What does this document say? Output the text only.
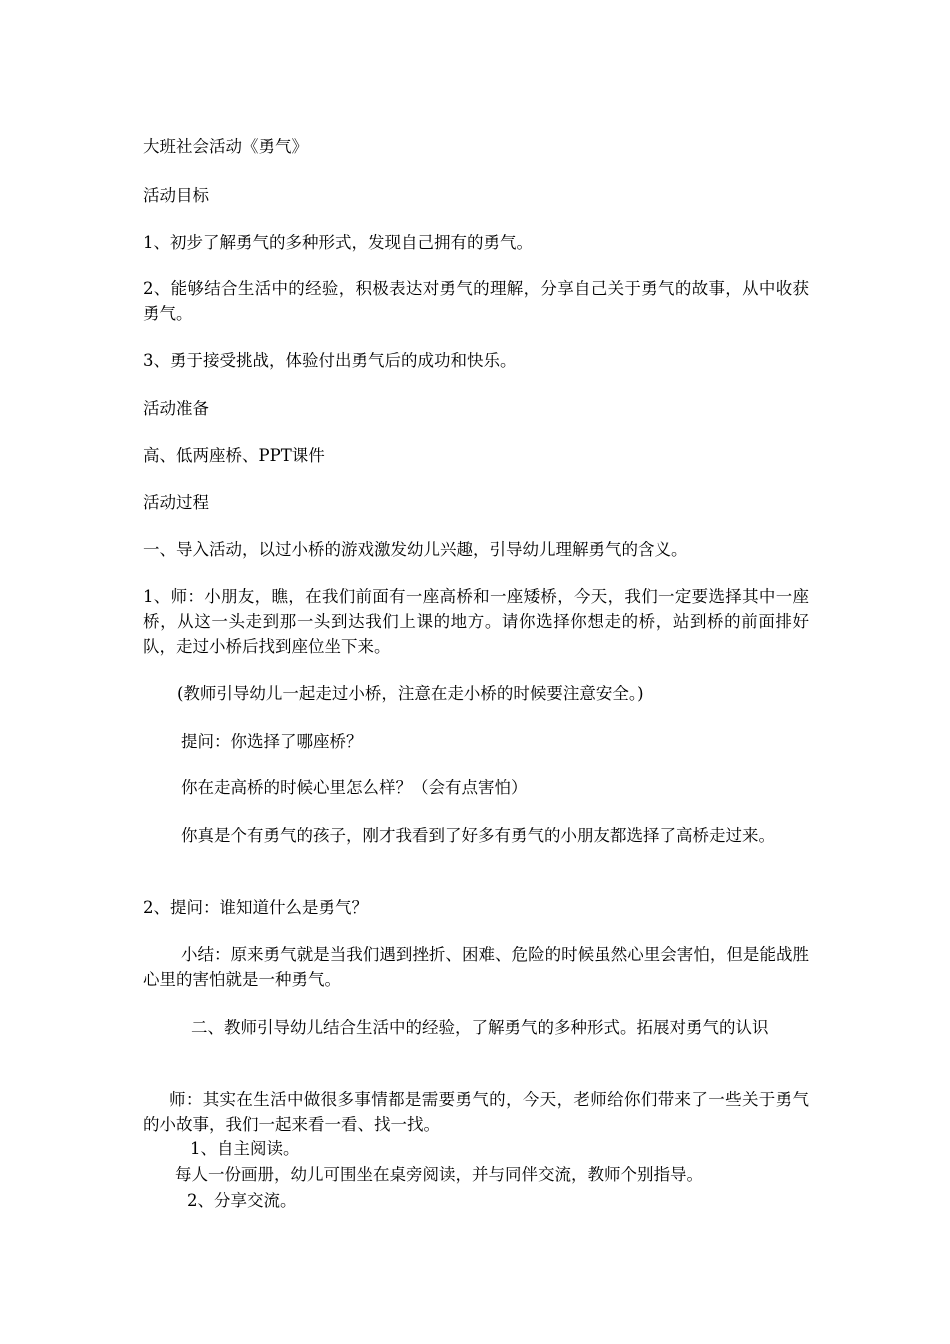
大班社会活动《勇气》
活动目标
1、初步了解勇气的多种形式，发现自己拥有的勇气。
2、能够结合生活中的经验，积极表达对勇气的理解，分享自己关于勇气的故事，从中收获勇气。
3、勇于接受挑战，体验付出勇气后的成功和快乐。
活动准备
高、低两座桥、PPT课件
活动过程
一、导入活动，以过小桥的游戏激发幼儿兴趣，引导幼儿理解勇气的含义。
1、师：小朋友，瞧，在我们前面有一座高桥和一座矮桥，今天，我们一定要选择其中一座桥，从这一头走到那一头到达我们上课的地方。请你选择你想走的桥，站到桥的前面排好队，走过小桥后找到座位坐下来。
(教师引导幼儿一起走过小桥，注意在走小桥的时候要注意安全。)
提问：你选择了哪座桥？
你在走高桥的时候心里怎么样？（会有点害怕）
你真是个有勇气的孩子，刚才我看到了好多有勇气的小朋友都选择了高桥走过来。
2、提问：谁知道什么是勇气？
小结：原来勇气就是当我们遇到挫折、困难、危险的时候虽然心里会害怕，但是能战胜心里的害怕就是一种勇气。
二、教师引导幼儿结合生活中的经验，了解勇气的多种形式。拓展对勇气的认识
师：其实在生活中做很多事情都是需要勇气的，今天，老师给你们带来了一些关于勇气的小故事，我们一起来看一看、找一找。
1、自主阅读。
每人一份画册，幼儿可围坐在桌旁阅读，并与同伴交流，教师个别指导。
2、分享交流。
